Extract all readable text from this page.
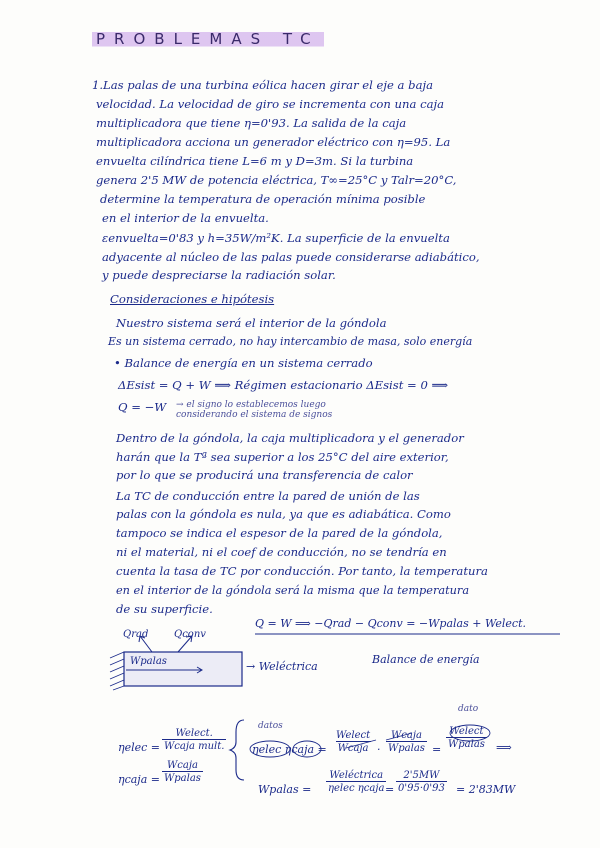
PROBLEMAS TC
1.Las palas de una turbina eólica hacen girar el eje a baja
velocidad. La velocidad de giro se incrementa con una caja
multiplicadora que tiene η=0'93. La salida de la caja
multiplicadora acciona un generador eléctrico con η=95. La
envuelta cilíndrica tiene L=6 m y D=3m. Si la turbina
genera 2'5 MW de potencia eléctrica, T∞=25°C y Talr=20°C,
determine la temperatura de operación mínima posible
en el interior de la envuelta.
εenvuelta=0'83 y h=35W/m²K. La superficie de la envuelta
adyacente al núcleo de las palas puede considerarse adiabático,
y puede despreciarse la radiación solar.
Consideraciones e hipótesis
Nuestro sistema será el interior de la góndola
Es un sistema cerrado, no hay intercambio de masa, solo energía
• Balance de energía en un sistema cerrado
ΔEsist = Q + W ⟹ Régimen estacionario ΔEsist = 0 ⟹
Q = −W → el signo lo establecemos luego considerando el sistema de signos
Dentro de la góndola, la caja multiplicadora y el generador
harán que la Tª sea superior a los 25°C del aire exterior,
por lo que se producirá una transferencia de calor
La TC de conducción entre la pared de unión de las
palas con la góndola es nula, ya que es adiabática. Como
tampoco se indica el espesor de la pared de la góndola,
ni el material, ni el coef de conducción, no se tendría en
cuenta la tasa de TC por conducción. Por tanto, la temperatura
en el interior de la góndola será la misma que la temperatura
de su superficie.
Qrad	Qconv
Wpalas	→ Weléctrica
Q = W ⟹ −Qrad − Qconv = −Wpalas + Welect.
Balance de energía
datos
dato
ηelec =
Welect.
Wcaja mult.
ηcaja =
Wcaja
Wpalas
ηelec ηcaja =
Welect
Wcaja ·
Wcaja
Wpalas =
Welect
Wpalas ⟹
Wpalas =
Weléctrica
ηelec ηcaja = $\frac{2'5MW}{0'95\cdot 0'93} = 2'83MW$
